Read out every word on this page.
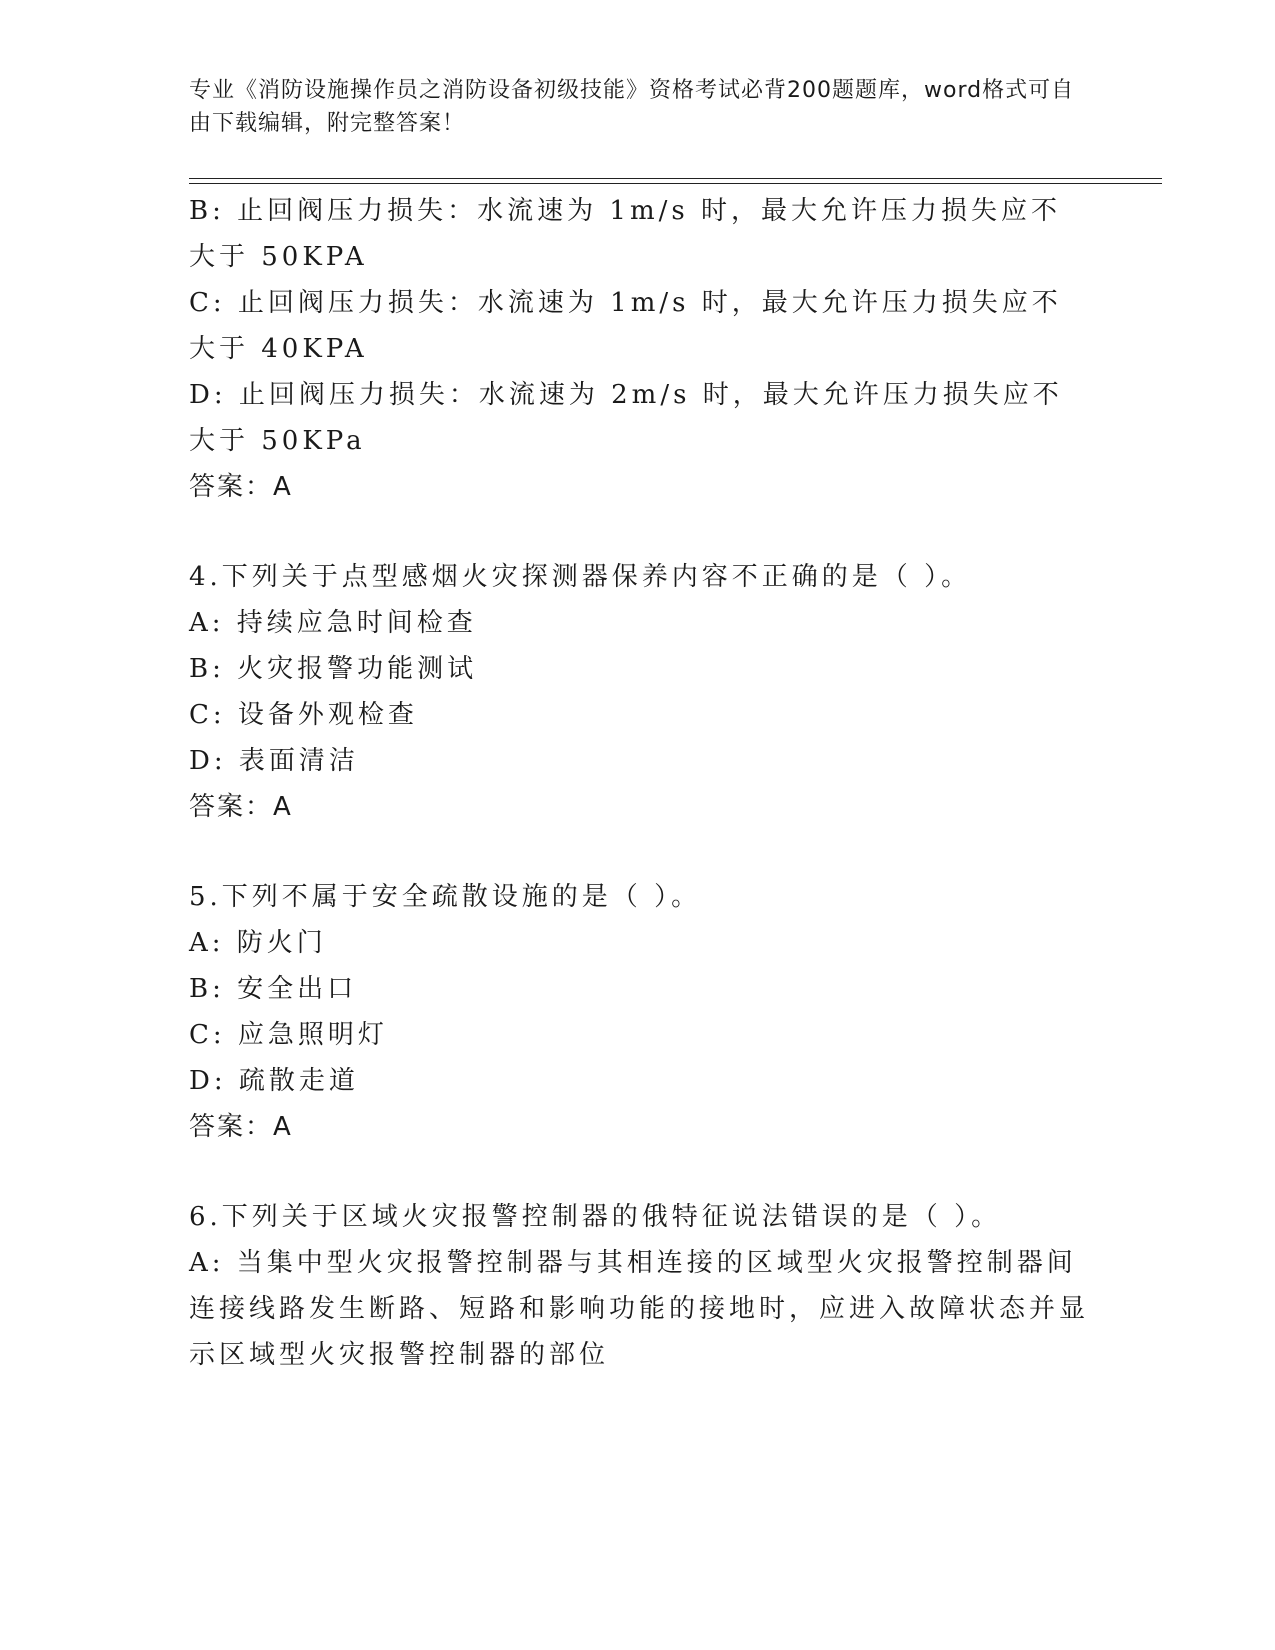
专业《消防设施操作员之消防设备初级技能》资格考试必背200题题库，word格式可自由下载编辑，附完整答案！

B: 止回阀压力损失：水流速为 1m/s 时，最大允许压力损失应不大于 50KPA

C: 止回阀压力损失：水流速为 1m/s 时，最大允许压力损失应不大于 40KPA

D: 止回阀压力损失：水流速为 2m/s 时，最大允许压力损失应不大于 50KPa

答案：A

4.下列关于点型感烟火灾探测器保养内容不正确的是（ ）。

A: 持续应急时间检查

B: 火灾报警功能测试

C: 设备外观检查

D: 表面清洁

答案：A

5.下列不属于安全疏散设施的是（ ）。

A: 防火门

B: 安全出口

C: 应急照明灯

D: 疏散走道

答案：A

6.下列关于区域火灾报警控制器的俄特征说法错误的是（ ）。

A: 当集中型火灾报警控制器与其相连接的区域型火灾报警控制器间连接线路发生断路、短路和影响功能的接地时，应进入故障状态并显示区域型火灾报警控制器的部位
